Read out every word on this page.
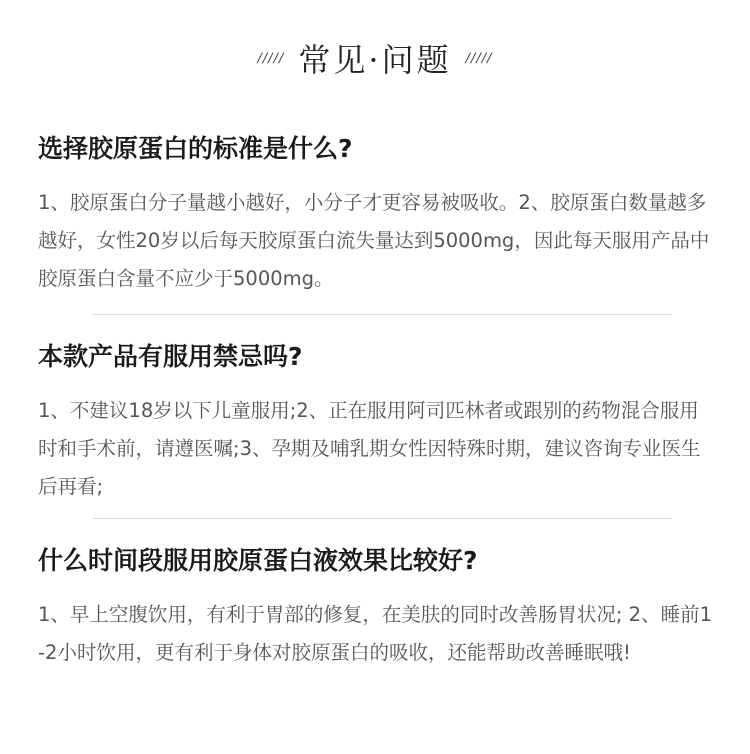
///// 常见·问题 /////
选择胶原蛋白的标准是什么?
1、胶原蛋白分子量越小越好，小分子才更容易被吸收。2、胶原蛋白数量越多越好，女性20岁以后每天胶原蛋白流失量达到5000mg，因此每天服用产品中胶原蛋白含量不应少于5000mg。
本款产品有服用禁忌吗?
1、不建议18岁以下儿童服用;2、正在服用阿司匹林者或跟别的药物混合服用时和手术前，请遵医嘱;3、孕期及哺乳期女性因特殊时期，建议咨询专业医生后再看;
什么时间段服用胶原蛋白液效果比较好?
1、早上空腹饮用，有利于胃部的修复，在美肤的同时改善肠胃状况; 2、睡前1-2小时饮用，更有利于身体对胶原蛋白的吸收，还能帮助改善睡眠哦!
